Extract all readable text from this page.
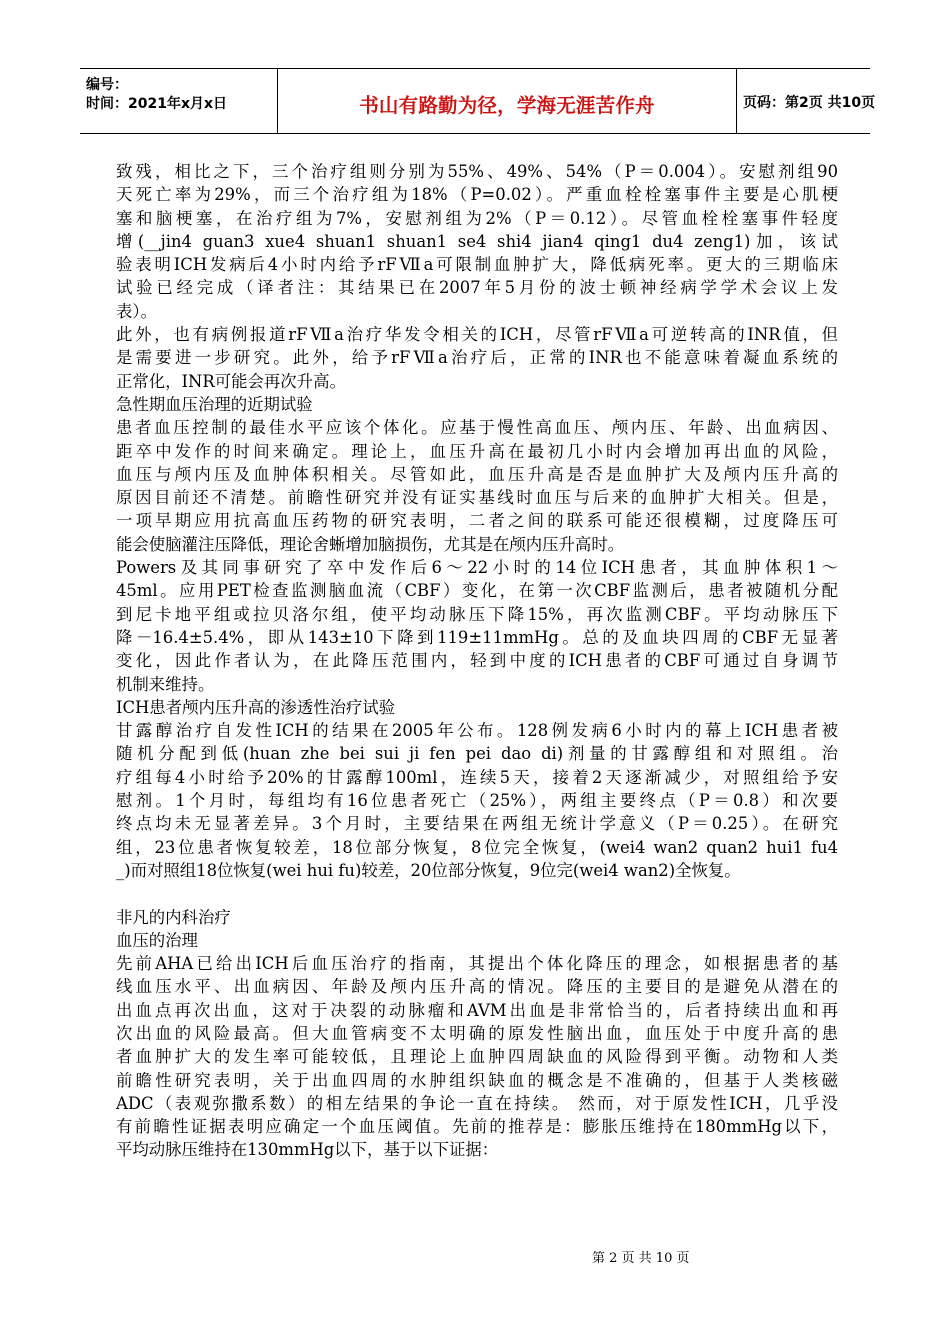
编号：
时间：2021年x月x日	书山有路勤为径，学海无涯苦作舟	页码：第2页 共10页
致残，相比之下，三个治疗组则分别为55%、49%、54%（P＝0.004）。安慰剂组90
天死亡率为29%，而三个治疗组为18%（P=0.02）。严重血栓栓塞事件主要是心肌梗
塞和脑梗塞，在治疗组为7%，安慰剂组为2%（P＝0.12）。尽管血栓栓塞事件轻度
增(__jin4 guan3 xue4 shuan1 shuan1 se4 shi4 jian4 qing1 du4 zeng1)加，该试
验表明ICH发病后4小时内给予rFⅦa可限制血肿扩大，降低病死率。更大的三期临床
试验已经完成（译者注：其结果已在2007年5月份的波士顿神经病学学术会议上发
表）。
此外，也有病例报道rFⅦa治疗华发令相关的ICH，尽管rFⅦa可逆转高的INR值，但
是需要进一步研究。此外，给予rFⅦa治疗后，正常的INR也不能意味着凝血系统的
正常化，INR可能会再次升高。
急性期血压治理的近期试验
患者血压控制的最佳水平应该个体化。应基于慢性高血压、颅内压、年龄、出血病因、
距卒中发作的时间来确定。理论上，血压升高在最初几小时内会增加再出血的风险，
血压与颅内压及血肿体积相关。尽管如此，血压升高是否是血肿扩大及颅内压升高的
原因目前还不清楚。前瞻性研究并没有证实基线时血压与后来的血肿扩大相关。但是，
一项早期应用抗高血压药物的研究表明，二者之间的联系可能还很模糊，过度降压可
能会使脑灌注压降低，理论舍蜥增加脑损伤，尤其是在颅内压升高时。
Powers及其同事研究了卒中发作后6～22小时的14位ICH患者，其血肿体积1～
45ml。应用PET检查监测脑血流（CBF）变化，在第一次CBF监测后，患者被随机分配
到尼卡地平组或拉贝洛尔组，使平均动脉压下降15%，再次监测CBF。平均动脉压下
降－16.4±5.4%，即从143±10下降到119±11mmHg。总的及血块四周的CBF无显著
变化，因此作者认为，在此降压范围内，轻到中度的ICH患者的CBF可通过自身调节
机制来维持。
ICH患者颅内压升高的渗透性治疗试验
甘露醇治疗自发性ICH的结果在2005年公布。128例发病6小时内的幕上ICH患者被
随机分配到低(huan zhe bei sui ji fen pei dao di)剂量的甘露醇组和对照组。治
疗组每4小时给予20%的甘露醇100ml，连续5天，接着2天逐渐减少，对照组给予安
慰剂。1个月时，每组均有16位患者死亡（25%），两组主要终点（P＝0.8）和次要
终点均未无显著差异。3个月时，主要结果在两组无统计学意义（P＝0.25）。在研究
组，23位患者恢复较差，18位部分恢复，8位完全恢复，(wei4 wan2 quan2 hui1 fu4
_)而对照组18位恢复(wei hui fu)较差，20位部分恢复，9位完(wei4 wan2)全恢复。
非凡的内科治疗
血压的治理
先前AHA已给出ICH后血压治疗的指南，其提出个体化降压的理念，如根据患者的基
线血压水平、出血病因、年龄及颅内压升高的情况。降压的主要目的是避免从潜在的
出血点再次出血，这对于决裂的动脉瘤和AVM出血是非常恰当的，后者持续出血和再
次出血的风险最高。但大血管病变不太明确的原发性脑出血，血压处于中度升高的患
者血肿扩大的发生率可能较低，且理论上血肿四周缺血的风险得到平衡。动物和人类
前瞻性研究表明，关于出血四周的水肿组织缺血的概念是不准确的，但基于人类核磁
ADC（表观弥撒系数）的相左结果的争论一直在持续。 然而，对于原发性ICH，几乎没
有前瞻性证据表明应确定一个血压阈值。先前的推荐是：膨胀压维持在180mmHg以下，
平均动脉压维持在130mmHg以下，基于以下证据：
第 2 页 共 10 页
